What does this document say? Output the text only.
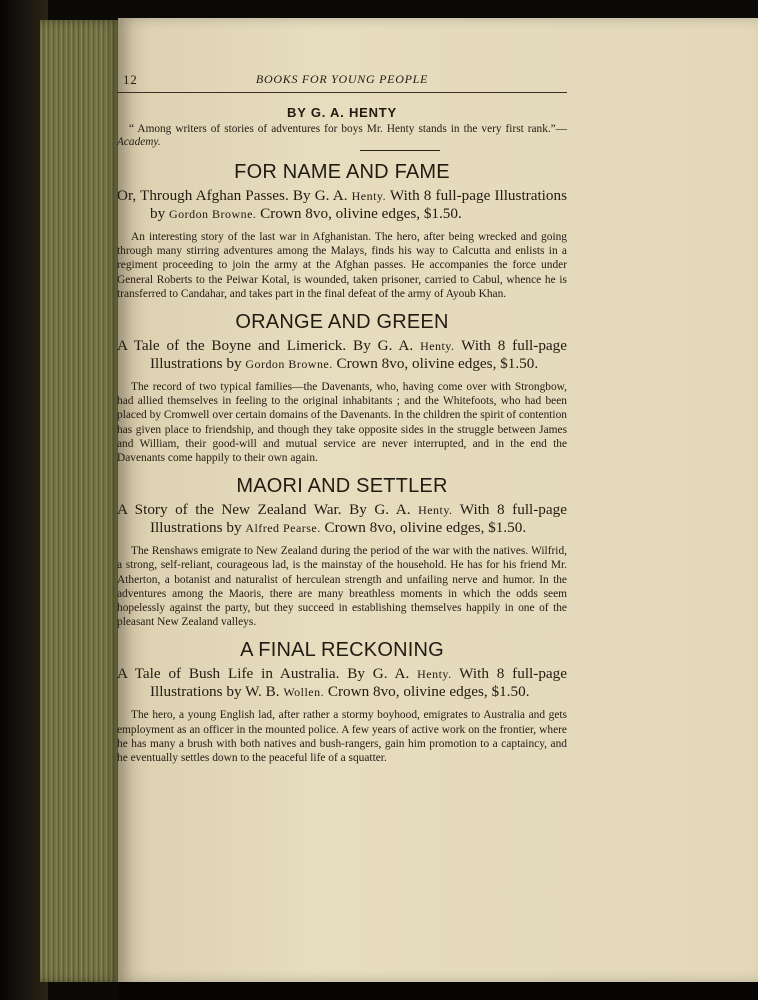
12	BOOKS FOR YOUNG PEOPLE
BY G. A. HENTY

“ Among writers of stories of adventures for boys Mr. Henty stands in the very first rank.”—Academy.

FOR NAME AND FAME

Or, Through Afghan Passes. By G. A. Henty. With 8 full-page Illustrations by Gordon Browne. Crown 8vo, olivine edges, $1.50.

An interesting story of the last war in Afghanistan. The hero, after being wrecked and going through many stirring adventures among the Malays, finds his way to Calcutta and enlists in a regiment proceeding to join the army at the Afghan passes. He accompanies the force under General Roberts to the Peiwar Kotal, is wounded, taken prisoner, carried to Cabul, whence he is transferred to Candahar, and takes part in the final defeat of the army of Ayoub Khan.

ORANGE AND GREEN

A Tale of the Boyne and Limerick. By G. A. Henty. With 8 full-page Illustrations by Gordon Browne. Crown 8vo, olivine edges, $1.50.

The record of two typical families—the Davenants, who, having come over with Strongbow, had allied themselves in feeling to the original inhabitants ; and the Whitefoots, who had been placed by Cromwell over certain domains of the Davenants. In the children the spirit of contention has given place to friendship, and though they take opposite sides in the struggle between James and William, their good-will and mutual service are never interrupted, and in the end the Davenants come happily to their own again.

MAORI AND SETTLER

A Story of the New Zealand War. By G. A. Henty. With 8 full-page Illustrations by Alfred Pearse. Crown 8vo, olivine edges, $1.50.

The Renshaws emigrate to New Zealand during the period of the war with the natives. Wilfrid, a strong, self-reliant, courageous lad, is the mainstay of the household. He has for his friend Mr. Atherton, a botanist and naturalist of herculean strength and unfailing nerve and humor. In the adventures among the Maoris, there are many breathless moments in which the odds seem hopelessly against the party, but they succeed in establishing themselves happily in one of the pleasant New Zealand valleys.

A FINAL RECKONING

A Tale of Bush Life in Australia. By G. A. Henty. With 8 full-page Illustrations by W. B. Wollen. Crown 8vo, olivine edges, $1.50.

The hero, a young English lad, after rather a stormy boyhood, emigrates to Australia and gets employment as an officer in the mounted police. A few years of active work on the frontier, where he has many a brush with both natives and bush-rangers, gain him promotion to a captaincy, and he eventually settles down to the peaceful life of a squatter.
